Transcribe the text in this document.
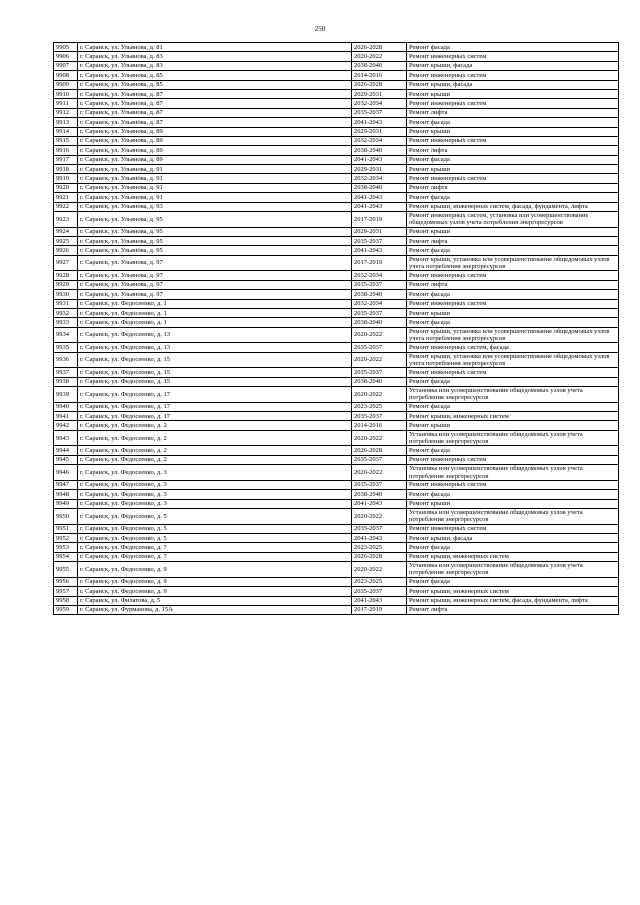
250
9905	г. Саранск, ул. Ульянова, д. 81	2026-2028	Ремонт фасада
9906	г. Саранск, ул. Ульянова, д. 83	2020-2022	Ремонт инженерных систем
9907	г. Саранск, ул. Ульянова, д. 83	2038-2040	Ремонт крыши, фасада
9908	г. Саранск, ул. Ульянова, д. 85	2014-2016	Ремонт инженерных систем
9909	г. Саранск, ул. Ульянова, д. 85	2026-2028	Ремонт крыши, фасада
9910	г. Саранск, ул. Ульянова, д. 87	2029-2031	Ремонт крыши
9911	г. Саранск, ул. Ульянова, д. 87	2032-2034	Ремонт инженерных систем
9912	г. Саранск, ул. Ульянова, д. 87	2035-2037	Ремонт лифта
9913	г. Саранск, ул. Ульянова, д. 87	2041-2043	Ремонт фасада
9914	г. Саранск, ул. Ульянова, д. 89	2029-2031	Ремонт крыши
9915	г. Саранск, ул. Ульянова, д. 89	2032-2034	Ремонт инженерных систем
9916	г. Саранск, ул. Ульянова, д. 89	2038-2040	Ремонт лифта
9917	г. Саранск, ул. Ульянова, д. 89	2041-2043	Ремонт фасада
9918	г. Саранск, ул. Ульянова, д. 91	2029-2031	Ремонт крыши
9919	г. Саранск, ул. Ульянова, д. 91	2032-2034	Ремонт инженерных систем
9920	г. Саранск, ул. Ульянова, д. 91	2038-2040	Ремонт лифта
9921	г. Саранск, ул. Ульянова, д. 91	2041-2043	Ремонт фасада
9922	г. Саранск, ул. Ульянова, д. 93	2041-2043	Ремонт крыши, инженерных систем, фасада, фундамента, лифта
9923	г. Саранск, ул. Ульянова, д. 95	2017-2019	Ремонт инженерных систем, установка или усовершенствование общедомовых узлов учета потребления энергоресурсов
9924	г. Саранск, ул. Ульянова, д. 95	2029-2031	Ремонт крыши
9925	г. Саранск, ул. Ульянова, д. 95	2035-2037	Ремонт лифта
9926	г. Саранск, ул. Ульянова, д. 95	2041-2043	Ремонт фасада
9927	г. Саранск, ул. Ульянова, д. 97	2017-2019	Ремонт крыши, установка или усовершенствование общедомовых узлов учета потребления энергоресурсов
9928	г. Саранск, ул. Ульянова, д. 97	2032-2034	Ремонт инженерных систем
9929	г. Саранск, ул. Ульянова, д. 97	2035-2037	Ремонт лифта
9930	г. Саранск, ул. Ульянова, д. 97	2038-2040	Ремонт фасада
9931	г. Саранск, ул. Федосеенко, д. 1	2032-2034	Ремонт инженерных систем
9932	г. Саранск, ул. Федосеенко, д. 1	2035-2037	Ремонт крыши
9933	г. Саранск, ул. Федосеенко, д. 1	2038-2040	Ремонт фасада
9934	г. Саранск, ул. Федосеенко, д. 13	2020-2022	Ремонт крыши, установка или усовершенствование общедомовых узлов учета потребления энергоресурсов
9935	г. Саранск, ул. Федосеенко, д. 13	2035-2037	Ремонт инженерных систем, фасада
9936	г. Саранск, ул. Федосеенко, д. 15	2020-2022	Ремонт крыши, установка или усовершенствование общедомовых узлов учета потребления энергоресурсов
9937	г. Саранск, ул. Федосеенко, д. 15	2035-2037	Ремонт инженерных систем
9938	г. Саранск, ул. Федосеенко, д. 15	2038-2040	Ремонт фасада
9939	г. Саранск, ул. Федосеенко, д. 17	2020-2022	Установка или усовершенствование общедомовых узлов учета потребления энергоресурсов
9940	г. Саранск, ул. Федосеенко, д. 17	2023-2025	Ремонт фасада
9941	г. Саранск, ул. Федосеенко, д. 17	2035-2037	Ремонт крыши, инженерных систем
9942	г. Саранск, ул. Федосеенко, д. 2	2014-2016	Ремонт крыши
9943	г. Саранск, ул. Федосеенко, д. 2	2020-2022	Установка или усовершенствование общедомовых узлов учета потребления энергоресурсов
9944	г. Саранск, ул. Федосеенко, д. 2	2026-2028	Ремонт фасада
9945	г. Саранск, ул. Федосеенко, д. 2	2035-2037	Ремонт инженерных систем
9946	г. Саранск, ул. Федосеенко, д. 3	2020-2022	Установка или усовершенствование общедомовых узлов учета потребления энергоресурсов
9947	г. Саранск, ул. Федосеенко, д. 3	2035-2037	Ремонт инженерных систем
9948	г. Саранск, ул. Федосеенко, д. 3	2038-2040	Ремонт фасада
9949	г. Саранск, ул. Федосеенко, д. 3	2041-2043	Ремонт крыши
9950	г. Саранск, ул. Федосеенко, д. 5	2020-2022	Установка или усовершенствование общедомовых узлов учета потребления энергоресурсов
9951	г. Саранск, ул. Федосеенко, д. 5	2035-2037	Ремонт инженерных систем
9952	г. Саранск, ул. Федосеенко, д. 5	2041-2043	Ремонт крыши, фасада
9953	г. Саранск, ул. Федосеенко, д. 7	2023-2025	Ремонт фасада
9954	г. Саранск, ул. Федосеенко, д. 7	2026-2028	Ремонт крыши, инженерных систем
9955	г. Саранск, ул. Федосеенко, д. 9	2020-2022	Установка или усовершенствование общедомовых узлов учета потребления энергоресурсов
9956	г. Саранск, ул. Федосеенко, д. 9	2023-2025	Ремонт фасада
9957	г. Саранск, ул. Федосеенко, д. 9	2035-2037	Ремонт крыши, инженерных систем
9958	г. Саранск, ул. Филатова, д. 5	2041-2043	Ремонт крыши, инженерных систем, фасада, фундамента, лифта
9959	г. Саранск, ул. Фурманова, д. 15А	2017-2019	Ремонт лифта
